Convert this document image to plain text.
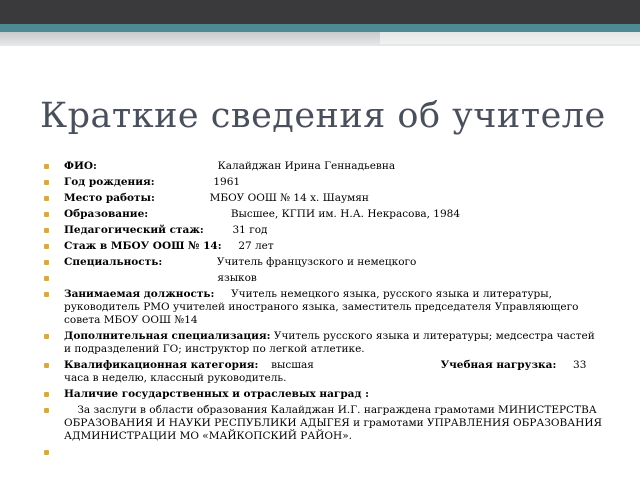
Краткие сведения об учителе
ФИО:	Калайджан Ирина Геннадьевна
Год рождения:	1961
Место работы:	МБОУ ООШ № 14 х. Шаумян
Образование:	Высшее, КГПИ им. Н.А. Некрасова, 1984
Педагогический стаж:	31 год
Стаж в МБОУ ООШ № 14: 27 лет
Специальность:	Учитель французского и немецкого
языков
Занимаемая должность: Учитель немецкого языка, русского языка и литературы, руководитель РМО учителей иностраного языка, заместитель председателя Управляющего совета МБОУ ООШ №14
Дополнительная специализация: Учитель русского языка и литературы; медсестра частей и подразделений ГО; инструктор по легкой атлетике.
Квалификационная категория: высшая	Учебная нагрузка: 33 часа в неделю, классный руководитель.
Наличие государственных и отраслевых наград :
За заслуги в области образования Калайджан И.Г. награждена грамотами МИНИСТЕРСТВА ОБРАЗОВАНИЯ И НАУКИ РЕСПУБЛИКИ АДЫГЕЯ и грамотами УПРАВЛЕНИЯ ОБРАЗОВАНИЯ АДМИНИСТРАЦИИ МО «МАЙКОПСКИЙ РАЙОН».
